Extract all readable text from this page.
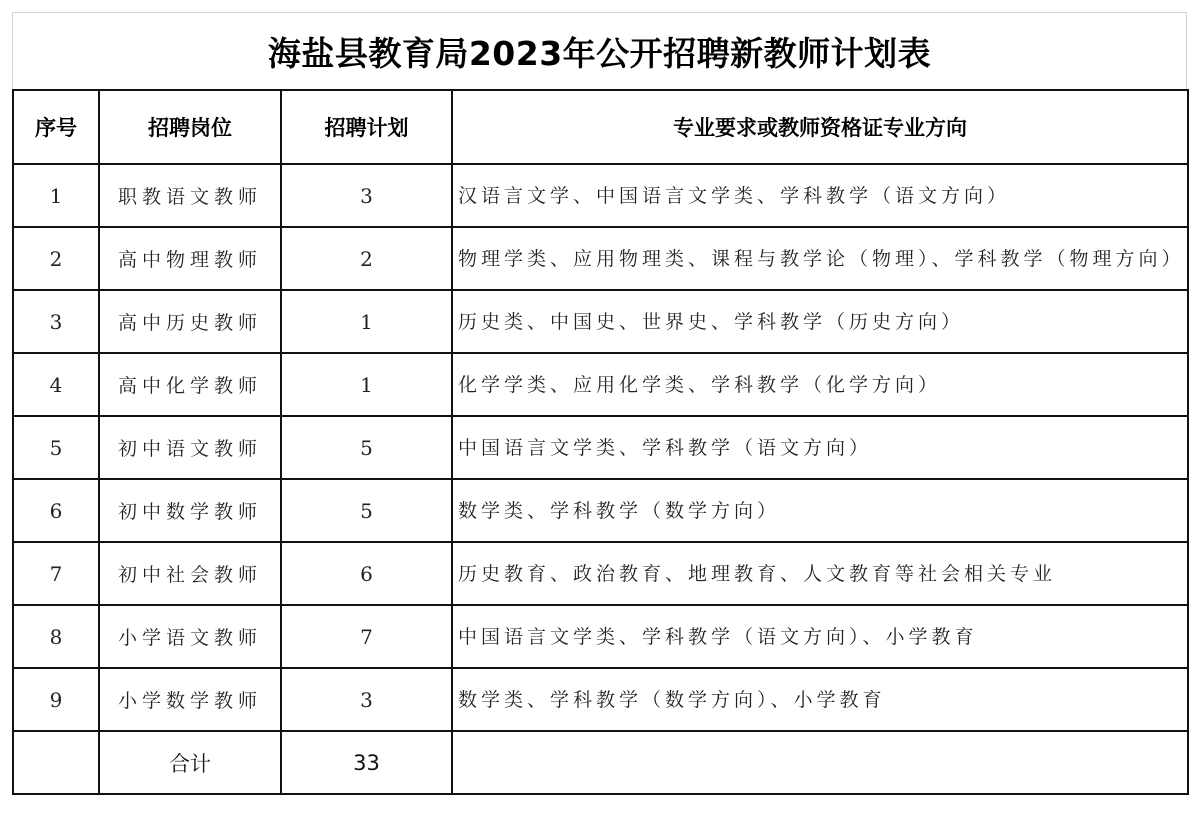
海盐县教育局2023年公开招聘新教师计划表
序号	招聘岗位	招聘计划	专业要求或教师资格证专业方向
1	职教语文教师	3	汉语言文学、中国语言文学类、学科教学（语文方向）
2	高中物理教师	2	物理学类、应用物理类、课程与教学论（物理）、学科教学（物理方向）
3	高中历史教师	1	历史类、中国史、世界史、学科教学（历史方向）
4	高中化学教师	1	化学学类、应用化学类、学科教学（化学方向）
5	初中语文教师	5	中国语言文学类、学科教学（语文方向）
6	初中数学教师	5	数学类、学科教学（数学方向）
7	初中社会教师	6	历史教育、政治教育、地理教育、人文教育等社会相关专业
8	小学语文教师	7	中国语言文学类、学科教学（语文方向）、小学教育
9	小学数学教师	3	数学类、学科教学（数学方向）、小学教育
	合计	33	
